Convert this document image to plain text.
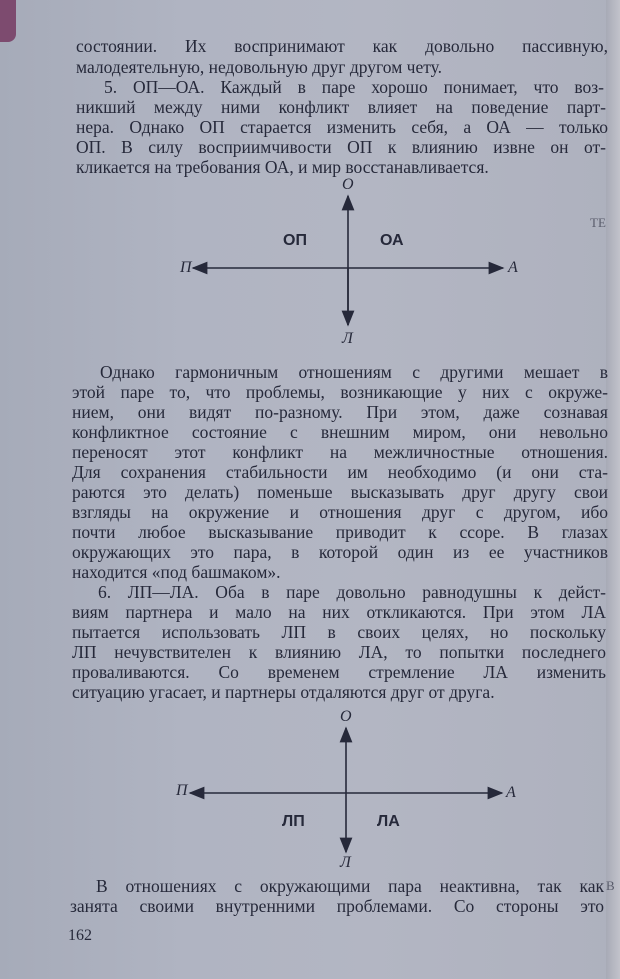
состоянии. Их воспринимают как довольно пассивную,
малодеятельную, недовольную друг другом чету.
5. ОП—ОА. Каждый в паре хорошо понимает, что воз-
никший между ними конфликт влияет на поведение парт-
нера. Однако ОП старается изменить себя, а ОА — только
ОП. В силу восприимчивости ОП к влиянию извне он от-
кликается на требования ОА, и мир восстанавливается.
ТЕ
В
О
Л
П	А
ОП	ОА
Однако гармоничным отношениям с другими мешает в
этой паре то, что проблемы, возникающие у них с окруже-
нием, они видят по-разному. При этом, даже сознавая
конфликтное состояние с внешним миром, они невольно
переносят этот конфликт на межличностные отношения.
Для сохранения стабильности им необходимо (и они ста-
раются это делать) поменьше высказывать друг другу свои
взгляды на окружение и отношения друг с другом, ибо
почти любое высказывание приводит к ссоре. В глазах
окружающих это пара, в которой один из ее участников
находится «под башмаком».
6. ЛП—ЛА. Оба в паре довольно равнодушны к дейст-
виям партнера и мало на них откликаются. При этом ЛА
пытается использовать ЛП в своих целях, но поскольку
ЛП нечувствителен к влиянию ЛА, то попытки последнего
проваливаются. Со временем стремление ЛА изменить
ситуацию угасает, и партнеры отдаляются друг от друга.
О
Л
П	А
ЛП	ЛА
В отношениях с окружающими пара неактивна, так как
занята своими внутренними проблемами. Со стороны это
162
